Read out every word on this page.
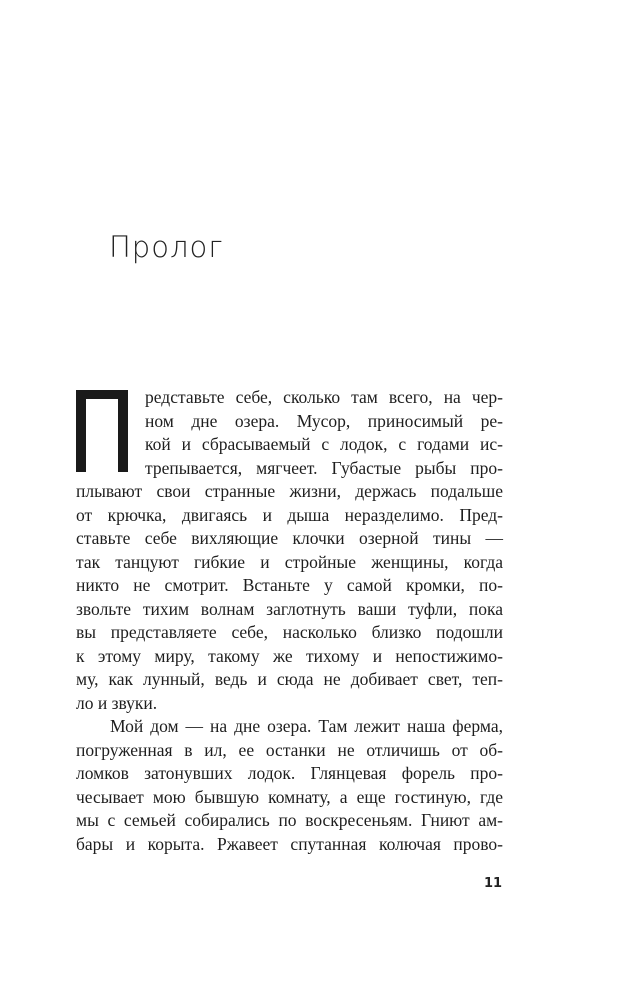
Пролог
редставьте себе, сколько там всего, на чер-
ном дне озера. Мусор, приносимый ре-
кой и сбрасываемый с лодок, с годами ис-
трепывается, мягчеет. Губастые рыбы про-
плывают свои странные жизни, держась подальше
от крючка, двигаясь и дыша неразделимо. Пред-
ставьте себе вихляющие клочки озерной тины —
так танцуют гибкие и стройные женщины, когда
никто не смотрит. Встаньте у самой кромки, по-
звольте тихим волнам заглотнуть ваши туфли, пока
вы представляете себе, насколько близко подошли
к этому миру, такому же тихому и непостижимо-
му, как лунный, ведь и сюда не добивает свет, теп-
ло и звуки.
Мой дом — на дне озера. Там лежит наша ферма,
погруженная в ил, ее останки не отличишь от об-
ломков затонувших лодок. Глянцевая форель про-
чесывает мою бывшую комнату, а еще гостиную, где
мы с семьей собирались по воскресеньям. Гниют ам-
бары и корыта. Ржавеет спутанная колючая прово-
11
